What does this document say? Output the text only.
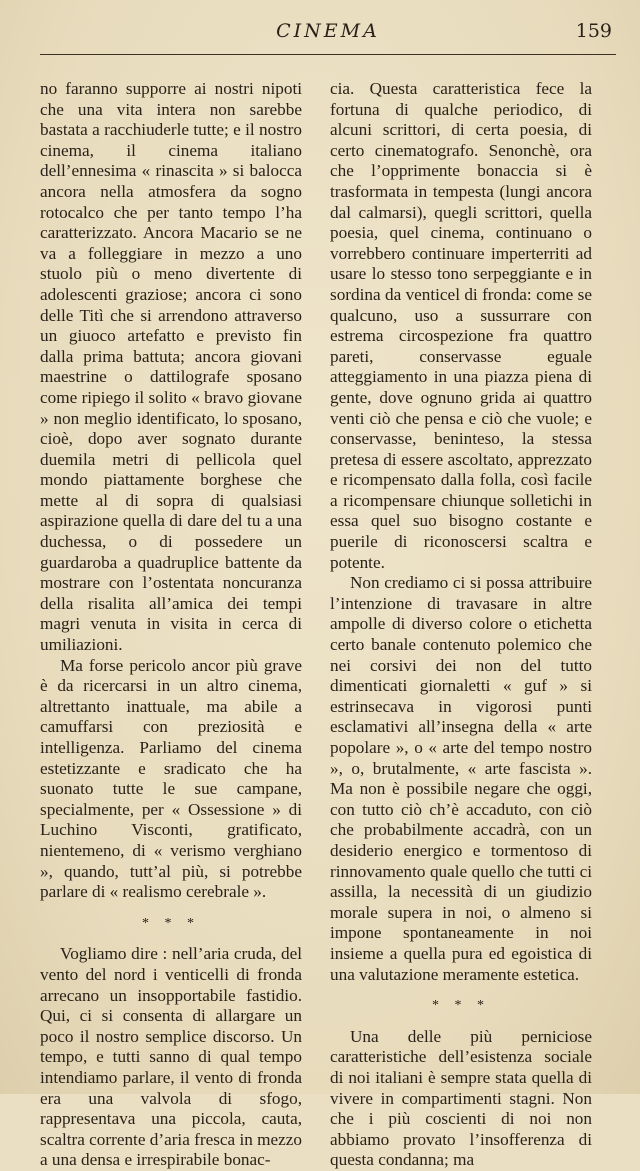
CINEMA	159

no faranno supporre ai nostri nipoti che una vita intera non sarebbe bastata a racchiuderle tutte; e il nostro cinema, il cinema italiano dell’ennesima « rinascita » si balocca ancora nella atmosfera da sogno rotocalco che per tanto tempo l’ha caratterizzato. Ancora Macario se ne va a folleggiare in mezzo a uno stuolo più o meno divertente di adolescenti graziose; ancora ci sono delle Titì che si arrendono attraverso un giuoco artefatto e previsto fin dalla prima battuta; ancora giovani maestrine o dattilografe sposano come ripiego il solito « bravo giovane » non meglio identificato, lo sposano, cioè, dopo aver sognato durante duemila metri di pellicola quel mondo piattamente borghese che mette al di sopra di qualsiasi aspirazione quella di dare del tu a una duchessa, o di possedere un guardaroba a quadruplice battente da mostrare con l’ostentata noncuranza della risalita all’amica dei tempi magri venuta in visita in cerca di umiliazioni.

Ma forse pericolo ancor più grave è da ricercarsi in un altro cinema, altrettanto inattuale, ma abile a camuffarsi con preziosità e intelligenza. Parliamo del cinema estetizzante e sradicato che ha suonato tutte le sue campane, specialmente, per « Ossessione » di Luchino Visconti, gratificato, nientemeno, di « verismo verghiano », quando, tutt’al più, si potrebbe parlare di « realismo cerebrale ».

* * *

Vogliamo dire : nell’aria cruda, del vento del nord i venticelli di fronda arrecano un insopportabile fastidio. Qui, ci si consenta di allargare un poco il nostro semplice discorso. Un tempo, e tutti sanno di qual tempo intendiamo parlare, il vento di fronda era una valvola di sfogo, rappresentava una piccola, cauta, scaltra corrente d’aria fresca in mezzo a una densa e irrespirabile bonac-

cia. Questa caratteristica fece la fortuna di qualche periodico, di alcuni scrittori, di certa poesia, di certo cinematografo. Senonchè, ora che l’opprimente bonaccia si è trasformata in tempesta (lungi ancora dal calmarsi), quegli scrittori, quella poesia, quel cinema, continuano o vorrebbero continuare imperterriti ad usare lo stesso tono serpeggiante e in sordina da venticel di fronda: come se qualcuno, uso a sussurrare con estrema circospezione fra quattro pareti, conservasse eguale atteggiamento in una piazza piena di gente, dove ognuno grida ai quattro venti ciò che pensa e ciò che vuole; e conservasse, beninteso, la stessa pretesa di essere ascoltato, apprezzato e ricompensato dalla folla, così facile a ricompensare chiunque solletichi in essa quel suo bisogno costante e puerile di riconoscersi scaltra e potente.

Non crediamo ci si possa attribuire l’intenzione di travasare in altre ampolle di diverso colore o etichetta certo banale contenuto polemico che nei corsivi dei non del tutto dimenticati giornaletti « guf » si estrinsecava in vigorosi punti esclamativi all’insegna della « arte popolare », o « arte del tempo nostro », o, brutalmente, « arte fascista ». Ma non è possibile negare che oggi, con tutto ciò ch’è accaduto, con ciò che probabilmente accadrà, con un desiderio energico e tormentoso di rinnovamento quale quello che tutti ci assilla, la necessità di un giudizio morale supera in noi, o almeno si impone spontaneamente in noi insieme a quella pura ed egoistica di una valutazione meramente estetica.

* * *

Una delle più perniciose caratteristiche dell’esistenza sociale di noi italiani è sempre stata quella di vivere in compartimenti stagni. Non che i più coscienti di noi non abbiamo provato l’insofferenza di questa condanna; ma
